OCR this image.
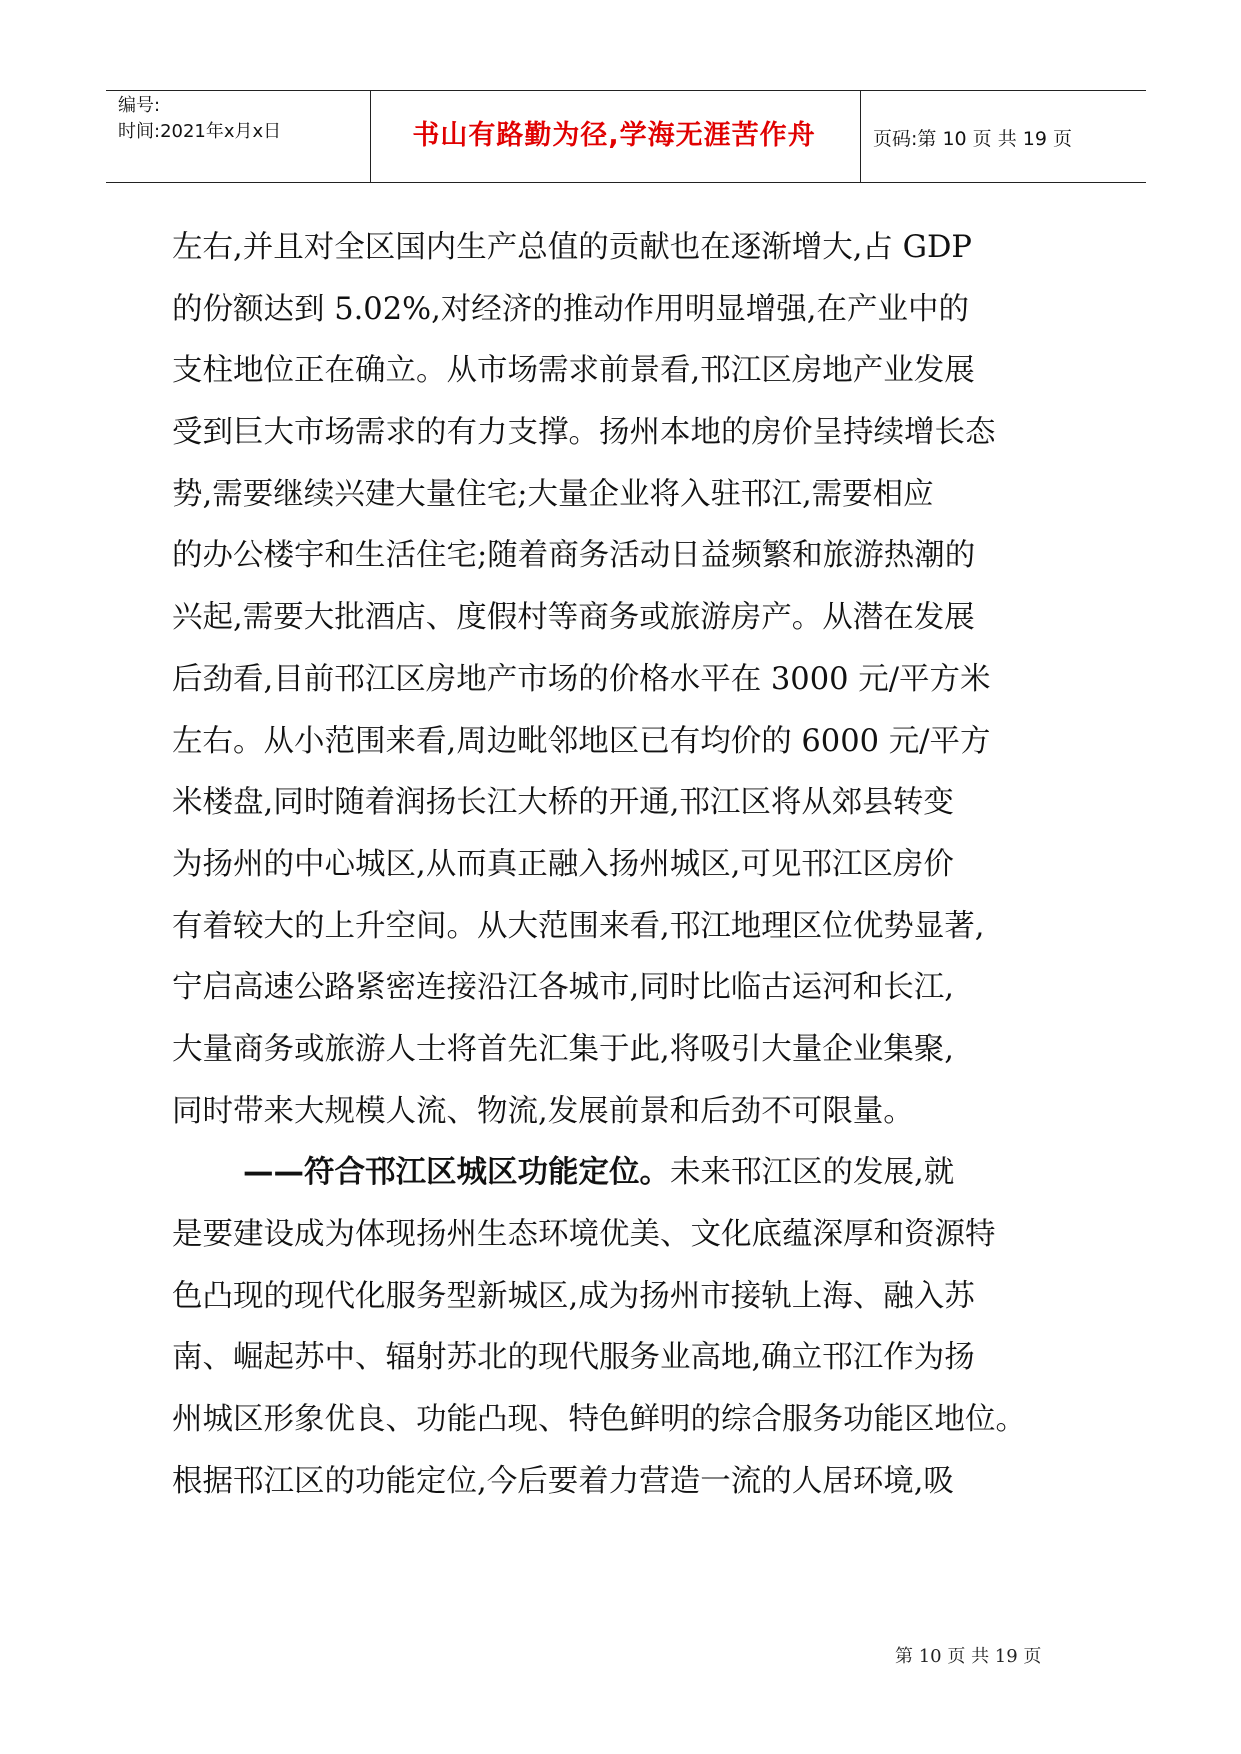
编号:
时间:2021年x月x日	书山有路勤为径,学海无涯苦作舟	页码:第 10 页 共 19 页
左右,并且对全区国内生产总值的贡献也在逐渐增大,占 GDP
的份额达到 5.02%,对经济的推动作用明显增强,在产业中的
支柱地位正在确立。从市场需求前景看,邗江区房地产业发展
受到巨大市场需求的有力支撑。扬州本地的房价呈持续增长态
势,需要继续兴建大量住宅;大量企业将入驻邗江,需要相应
的办公楼宇和生活住宅;随着商务活动日益频繁和旅游热潮的
兴起,需要大批酒店、度假村等商务或旅游房产。从潜在发展
后劲看,目前邗江区房地产市场的价格水平在 3000 元/平方米
左右。从小范围来看,周边毗邻地区已有均价的 6000 元/平方
米楼盘,同时随着润扬长江大桥的开通,邗江区将从郊县转变
为扬州的中心城区,从而真正融入扬州城区,可见邗江区房价
有着较大的上升空间。从大范围来看,邗江地理区位优势显著,
宁启高速公路紧密连接沿江各城市,同时比临古运河和长江,
大量商务或旅游人士将首先汇集于此,将吸引大量企业集聚,
同时带来大规模人流、物流,发展前景和后劲不可限量。
——符合邗江区城区功能定位。未来邗江区的发展,就
是要建设成为体现扬州生态环境优美、文化底蕴深厚和资源特
色凸现的现代化服务型新城区,成为扬州市接轨上海、融入苏
南、崛起苏中、辐射苏北的现代服务业高地,确立邗江作为扬
州城区形象优良、功能凸现、特色鲜明的综合服务功能区地位。
根据邗江区的功能定位,今后要着力营造一流的人居环境,吸
第 10 页 共 19 页
